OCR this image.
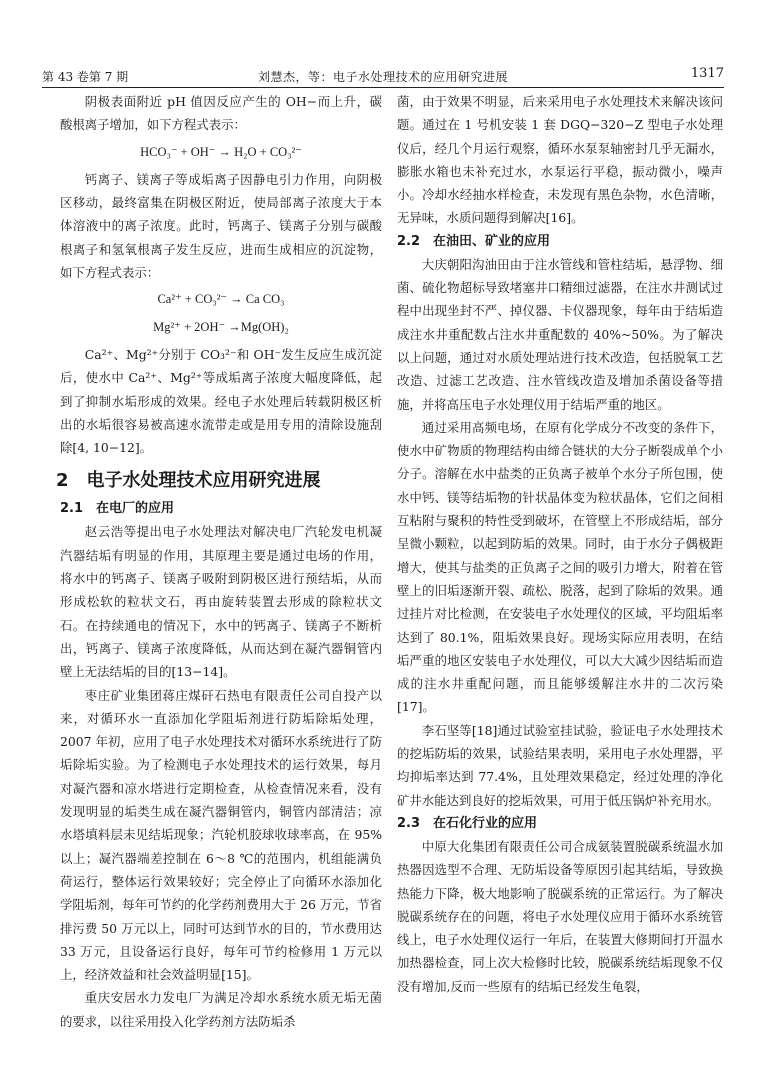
第 43 卷第 7 期	刘慧杰，等：电子水处理技术的应用研究进展	1317

阴极表面附近 pH 值因反应产生的 OH−而上升，碳酸根离子增加，如下方程式表示：

HCO₃⁻ + OH⁻ → H₂O + CO₃²⁻

钙离子、镁离子等成垢离子因静电引力作用，向阴极区移动，最终富集在阴极区附近，使局部离子浓度大于本体溶液中的离子浓度。此时，钙离子、镁离子分别与碳酸根离子和氢氧根离子发生反应，进而生成相应的沉淀物，如下方程式表示：

Ca²⁺ + CO₃²⁻ → Ca CO₃
Mg²⁺ + 2OH⁻ →Mg(OH)₂

Ca²⁺、Mg²⁺分别于 CO₃²⁻和 OH⁻发生反应生成沉淀后，使水中 Ca²⁺、Mg²⁺等成垢离子浓度大幅度降低，起到了抑制水垢形成的效果。经电子水处理后转载阴极区析出的水垢很容易被高速水流带走或是用专用的清除设施刮除[4, 10−12]。

2　电子水处理技术应用研究进展
2.1　在电厂的应用

赵云浩等提出电子水处理法对解决电厂汽轮发电机凝汽器结垢有明显的作用，其原理主要是通过电场的作用，将水中的钙离子、镁离子吸附到阴极区进行预结垢，从而形成松软的粒状文石，再由旋转装置去形成的除粒状文石。在持续通电的情况下，水中的钙离子、镁离子不断析出，钙离子、镁离子浓度降低，从而达到在凝汽器铜管内壁上无法结垢的目的[13−14]。

枣庄矿业集团蒋庄煤矸石热电有限责任公司自投产以来，对循环水一直添加化学阻垢剂进行防垢除垢处理，2007 年初，应用了电子水处理技术对循环水系统进行了防垢除垢实验。为了检测电子水处理技术的运行效果，每月对凝汽器和凉水塔进行定期检查，从检查情况来看，没有发现明显的垢类生成在凝汽器铜管内，铜管内部清洁；凉水塔填料层未见结垢现象；汽轮机胶球收球率高，在 95%以上；凝汽器端差控制在 6～8 ℃的范围内，机组能满负荷运行，整体运行效果较好；完全停止了向循环水添加化学阻垢剂，每年可节约的化学药剂费用大于 26 万元，节省排污费 50 万元以上，同时可达到节水的目的，节水费用达 33 万元，且设备运行良好，每年可节约检修用 1 万元以上，经济效益和社会效益明显[15]。

重庆安居水力发电厂为满足冷却水系统水质无垢无菌的要求，以往采用投入化学药剂方法防垢杀

菌，由于效果不明显，后来采用电子水处理技术来解决该问题。通过在 1 号机安装 1 套 DGQ−320−Z 型电子水处理仪后，经几个月运行观察，循环水泵泵轴密封几乎无漏水，膨胀水箱也未补充过水，水泵运行平稳，振动微小，噪声小。冷却水经抽水样检查，未发现有黑色杂物，水色清晰，无异味，水质问题得到解决[16]。

2.2　在油田、矿业的应用

大庆朝阳沟油田由于注水管线和管柱结垢，悬浮物、细菌、硫化物超标导致堵塞井口精细过滤器，在注水井测试过程中出现坐封不严、掉仪器、卡仪器现象，每年由于结垢造成注水井重配数占注水井重配数的 40%~50%。为了解决以上问题，通过对水质处理站进行技术改造，包括脱氧工艺改造、过滤工艺改造、注水管线改造及增加杀菌设备等措施，并将高压电子水处理仪用于结垢严重的地区。

通过采用高频电场，在原有化学成分不改变的条件下，使水中矿物质的物理结构由缔合链状的大分子断裂成单个小分子。溶解在水中盐类的正负离子被单个水分子所包围，使水中钙、镁等结垢物的针状晶体变为粒状晶体，它们之间相互粘附与聚积的特性受到破坏，在管壁上不形成结垢，部分呈微小颗粒，以起到防垢的效果。同时，由于水分子偶极距增大，使其与盐类的正负离子之间的吸引力增大，附着在管壁上的旧垢逐渐开裂、疏松、脱落，起到了除垢的效果。通过挂片对比检测，在安装电子水处理仪的区域，平均阻垢率达到了 80.1%，阻垢效果良好。现场实际应用表明，在结垢严重的地区安装电子水处理仪，可以大大减少因结垢而造成的注水井重配问题，而且能够缓解注水井的二次污染[17]。

李石坚等[18]通过试验室挂试验，验证电子水处理技术的挖垢防垢的效果，试验结果表明，采用电子水处理器，平均抑垢率达到 77.4%，且处理效果稳定，经过处理的净化矿井水能达到良好的挖垢效果，可用于低压锅炉补充用水。

2.3　在石化行业的应用

中原大化集团有限责任公司合成氨装置脱碳系统温水加热器因选型不合理、无防垢设备等原因引起其结垢，导致换热能力下降，极大地影响了脱碳系统的正常运行。为了解决脱碳系统存在的问题，将电子水处理仪应用于循环水系统管线上，电子水处理仪运行一年后，在装置大修期间打开温水加热器检查，同上次大检修时比较，脱碳系统结垢现象不仅没有增加,反而一些原有的结垢已经发生龟裂，
